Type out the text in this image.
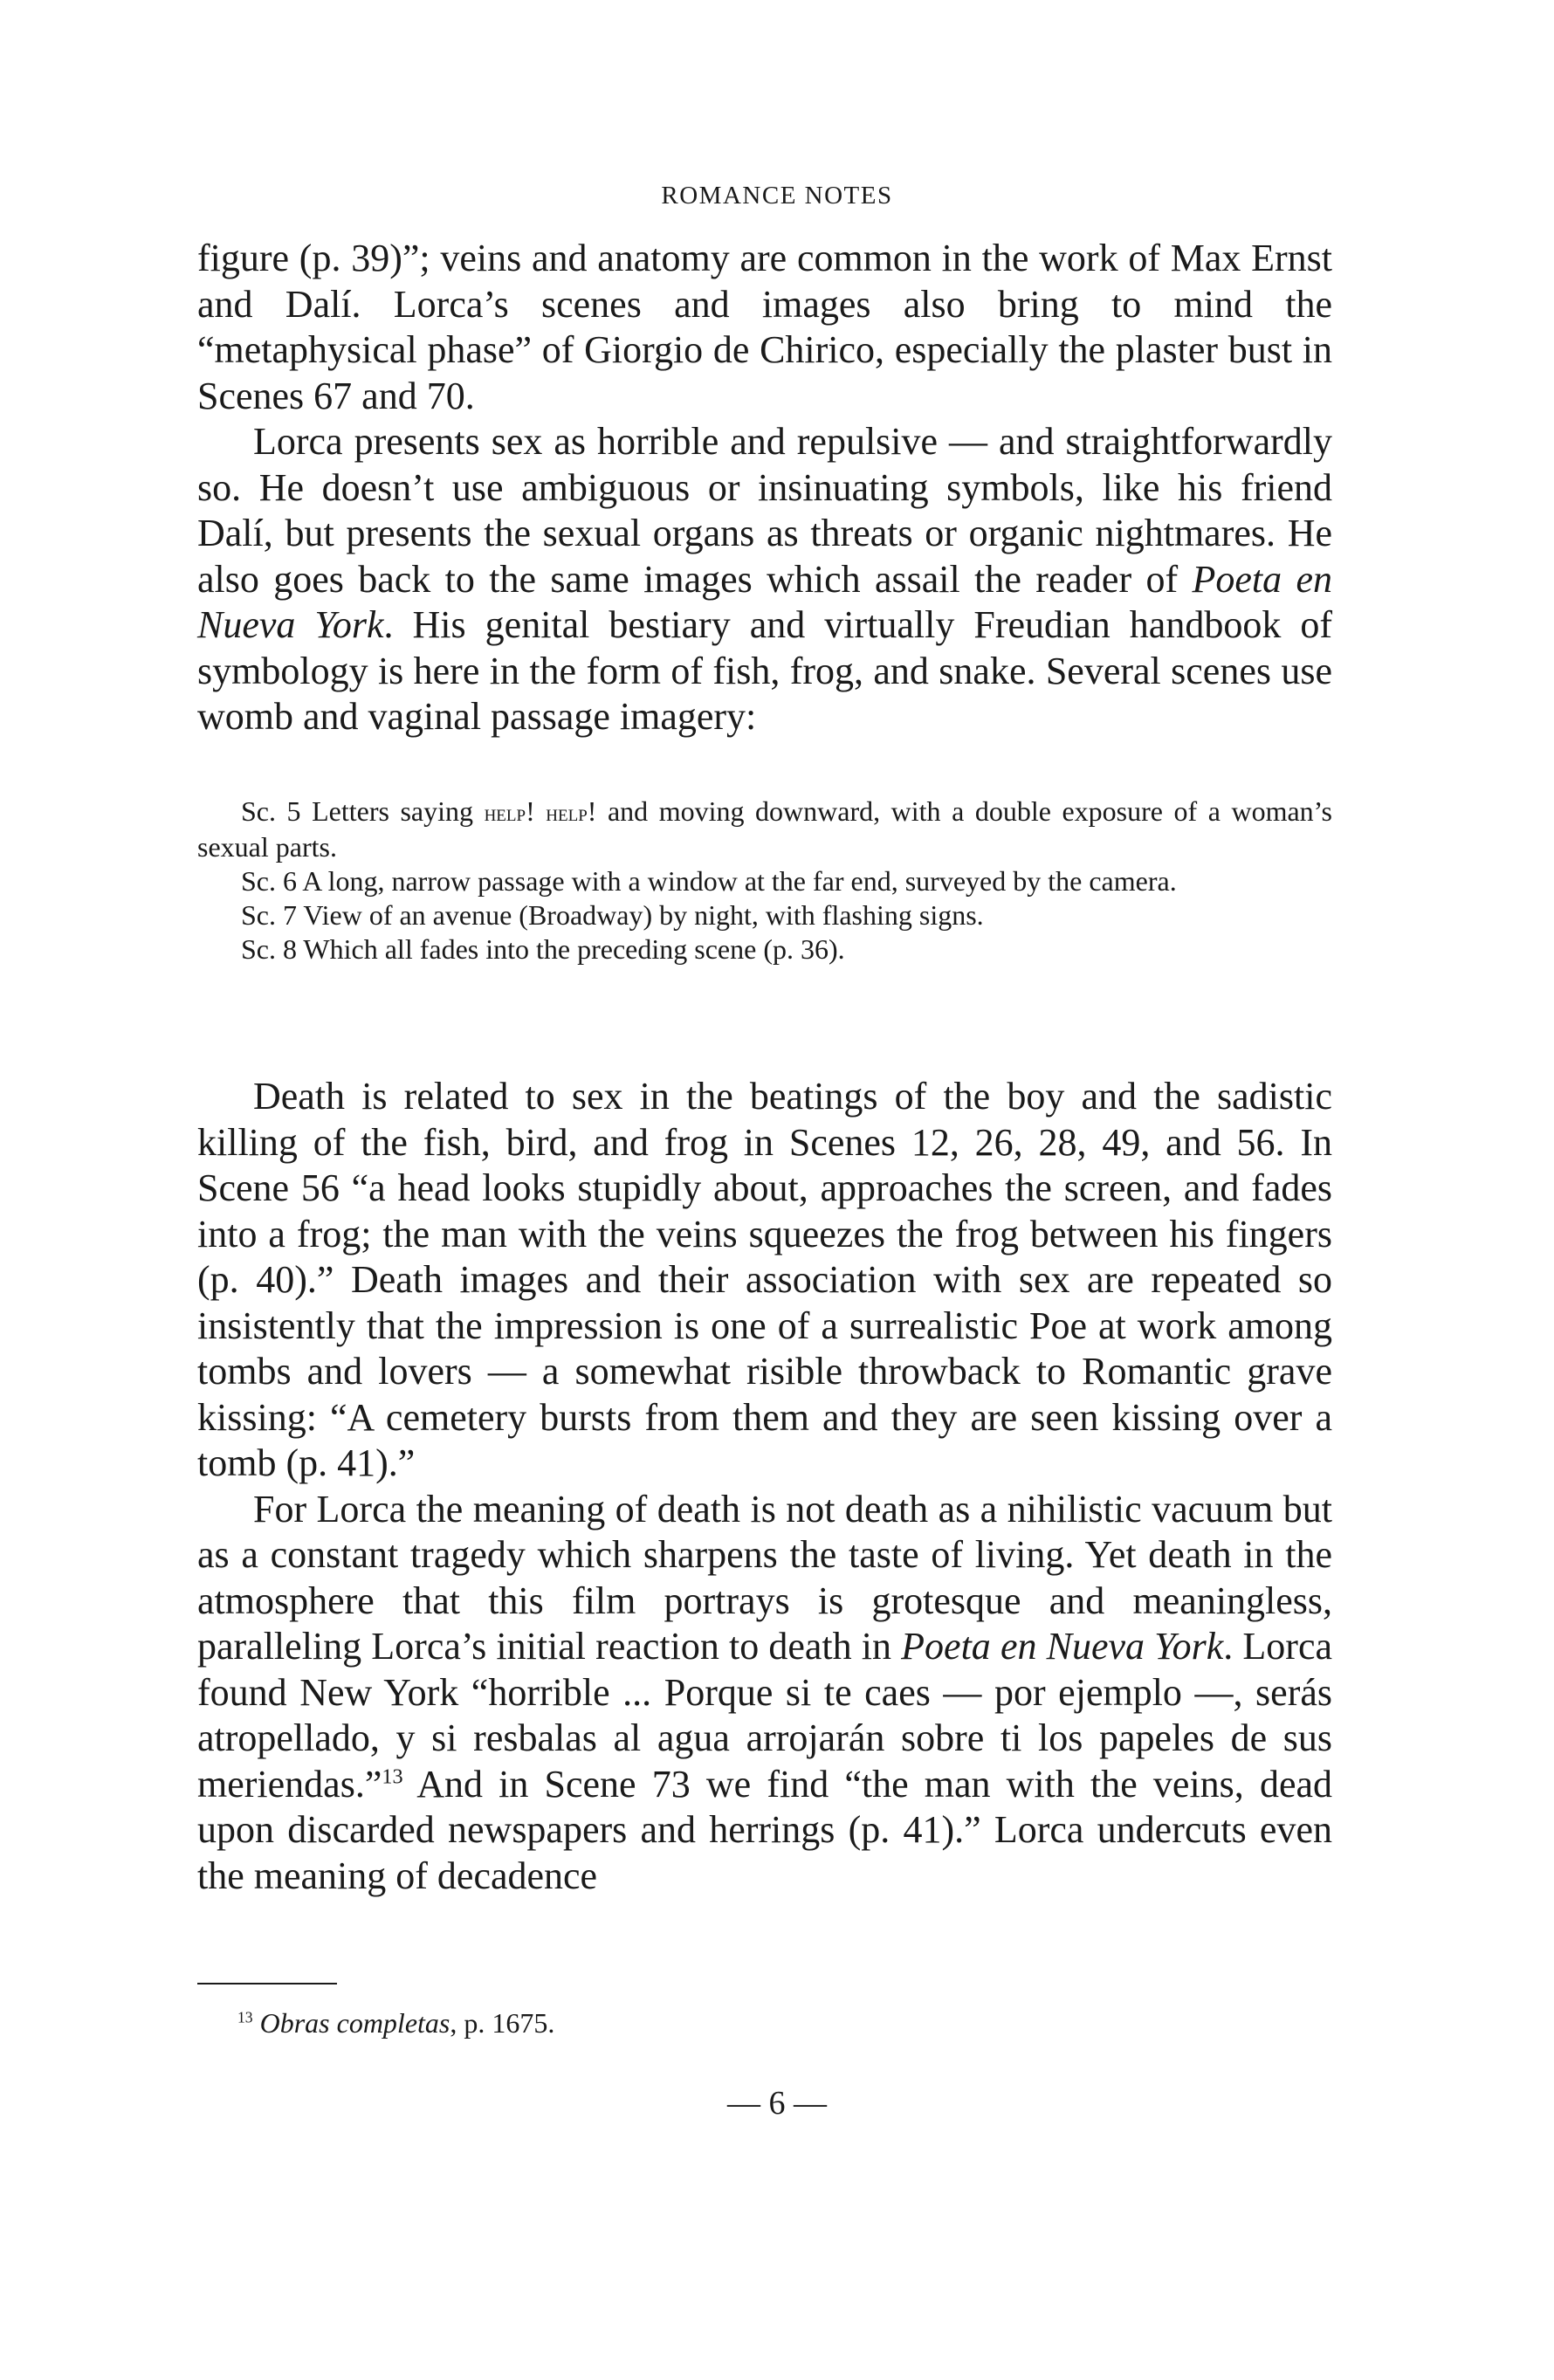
ROMANCE NOTES

figure (p. 39)”; veins and anatomy are common in the work of Max Ernst and Dalí. Lorca’s scenes and images also bring to mind the “metaphysical phase” of Giorgio de Chirico, especially the plaster bust in Scenes 67 and 70.

Lorca presents sex as horrible and repulsive — and straightforwardly so. He doesn’t use ambiguous or insinuating symbols, like his friend Dalí, but presents the sexual organs as threats or organic nightmares. He also goes back to the same images which assail the reader of Poeta en Nueva York. His genital bestiary and virtually Freudian handbook of symbology is here in the form of fish, frog, and snake. Several scenes use womb and vaginal passage imagery:

Sc. 5 Letters saying help! help! and moving downward, with a double exposure of a woman’s sexual parts.

Sc. 6 A long, narrow passage with a window at the far end, surveyed by the camera.

Sc. 7 View of an avenue (Broadway) by night, with flashing signs.

Sc. 8 Which all fades into the preceding scene (p. 36).

Death is related to sex in the beatings of the boy and the sadistic killing of the fish, bird, and frog in Scenes 12, 26, 28, 49, and 56. In Scene 56 “a head looks stupidly about, approaches the screen, and fades into a frog; the man with the veins squeezes the frog between his fingers (p. 40).” Death images and their association with sex are repeated so insistently that the impression is one of a surrealistic Poe at work among tombs and lovers — a somewhat risible throwback to Romantic grave kissing: “A cemetery bursts from them and they are seen kissing over a tomb (p. 41).”

For Lorca the meaning of death is not death as a nihilistic vacuum but as a constant tragedy which sharpens the taste of living. Yet death in the atmosphere that this film portrays is grotesque and meaningless, paralleling Lorca’s initial reaction to death in Poeta en Nueva York. Lorca found New York “horrible ... Porque si te caes — por ejemplo —, serás atropellado, y si resbalas al agua arrojarán sobre ti los papeles de sus meriendas.”$^{13}$ And in Scene 73 we find “the man with the veins, dead upon discarded newspapers and herrings (p. 41).” Lorca undercuts even the meaning of decadence

$^{13}$ Obras completas, p. 1675.
— 6 —
